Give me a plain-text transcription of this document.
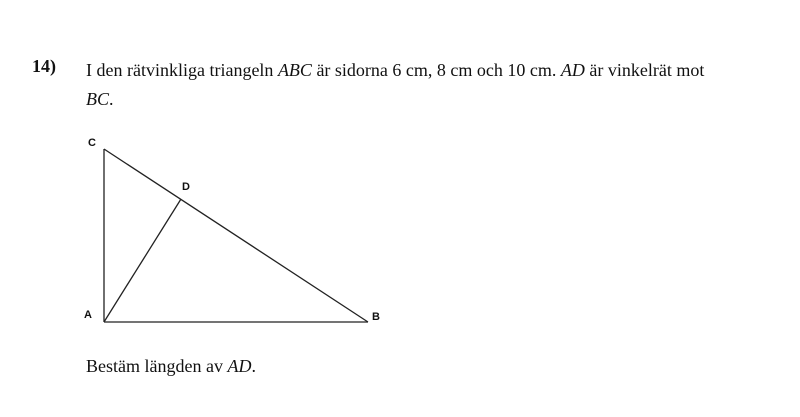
14) I den rätvinkliga triangeln ABC är sidorna 6 cm, 8 cm och 10 cm. AD är vinkelrät mot
BC.
C
D
A	B
Bestäm längden av AD.
